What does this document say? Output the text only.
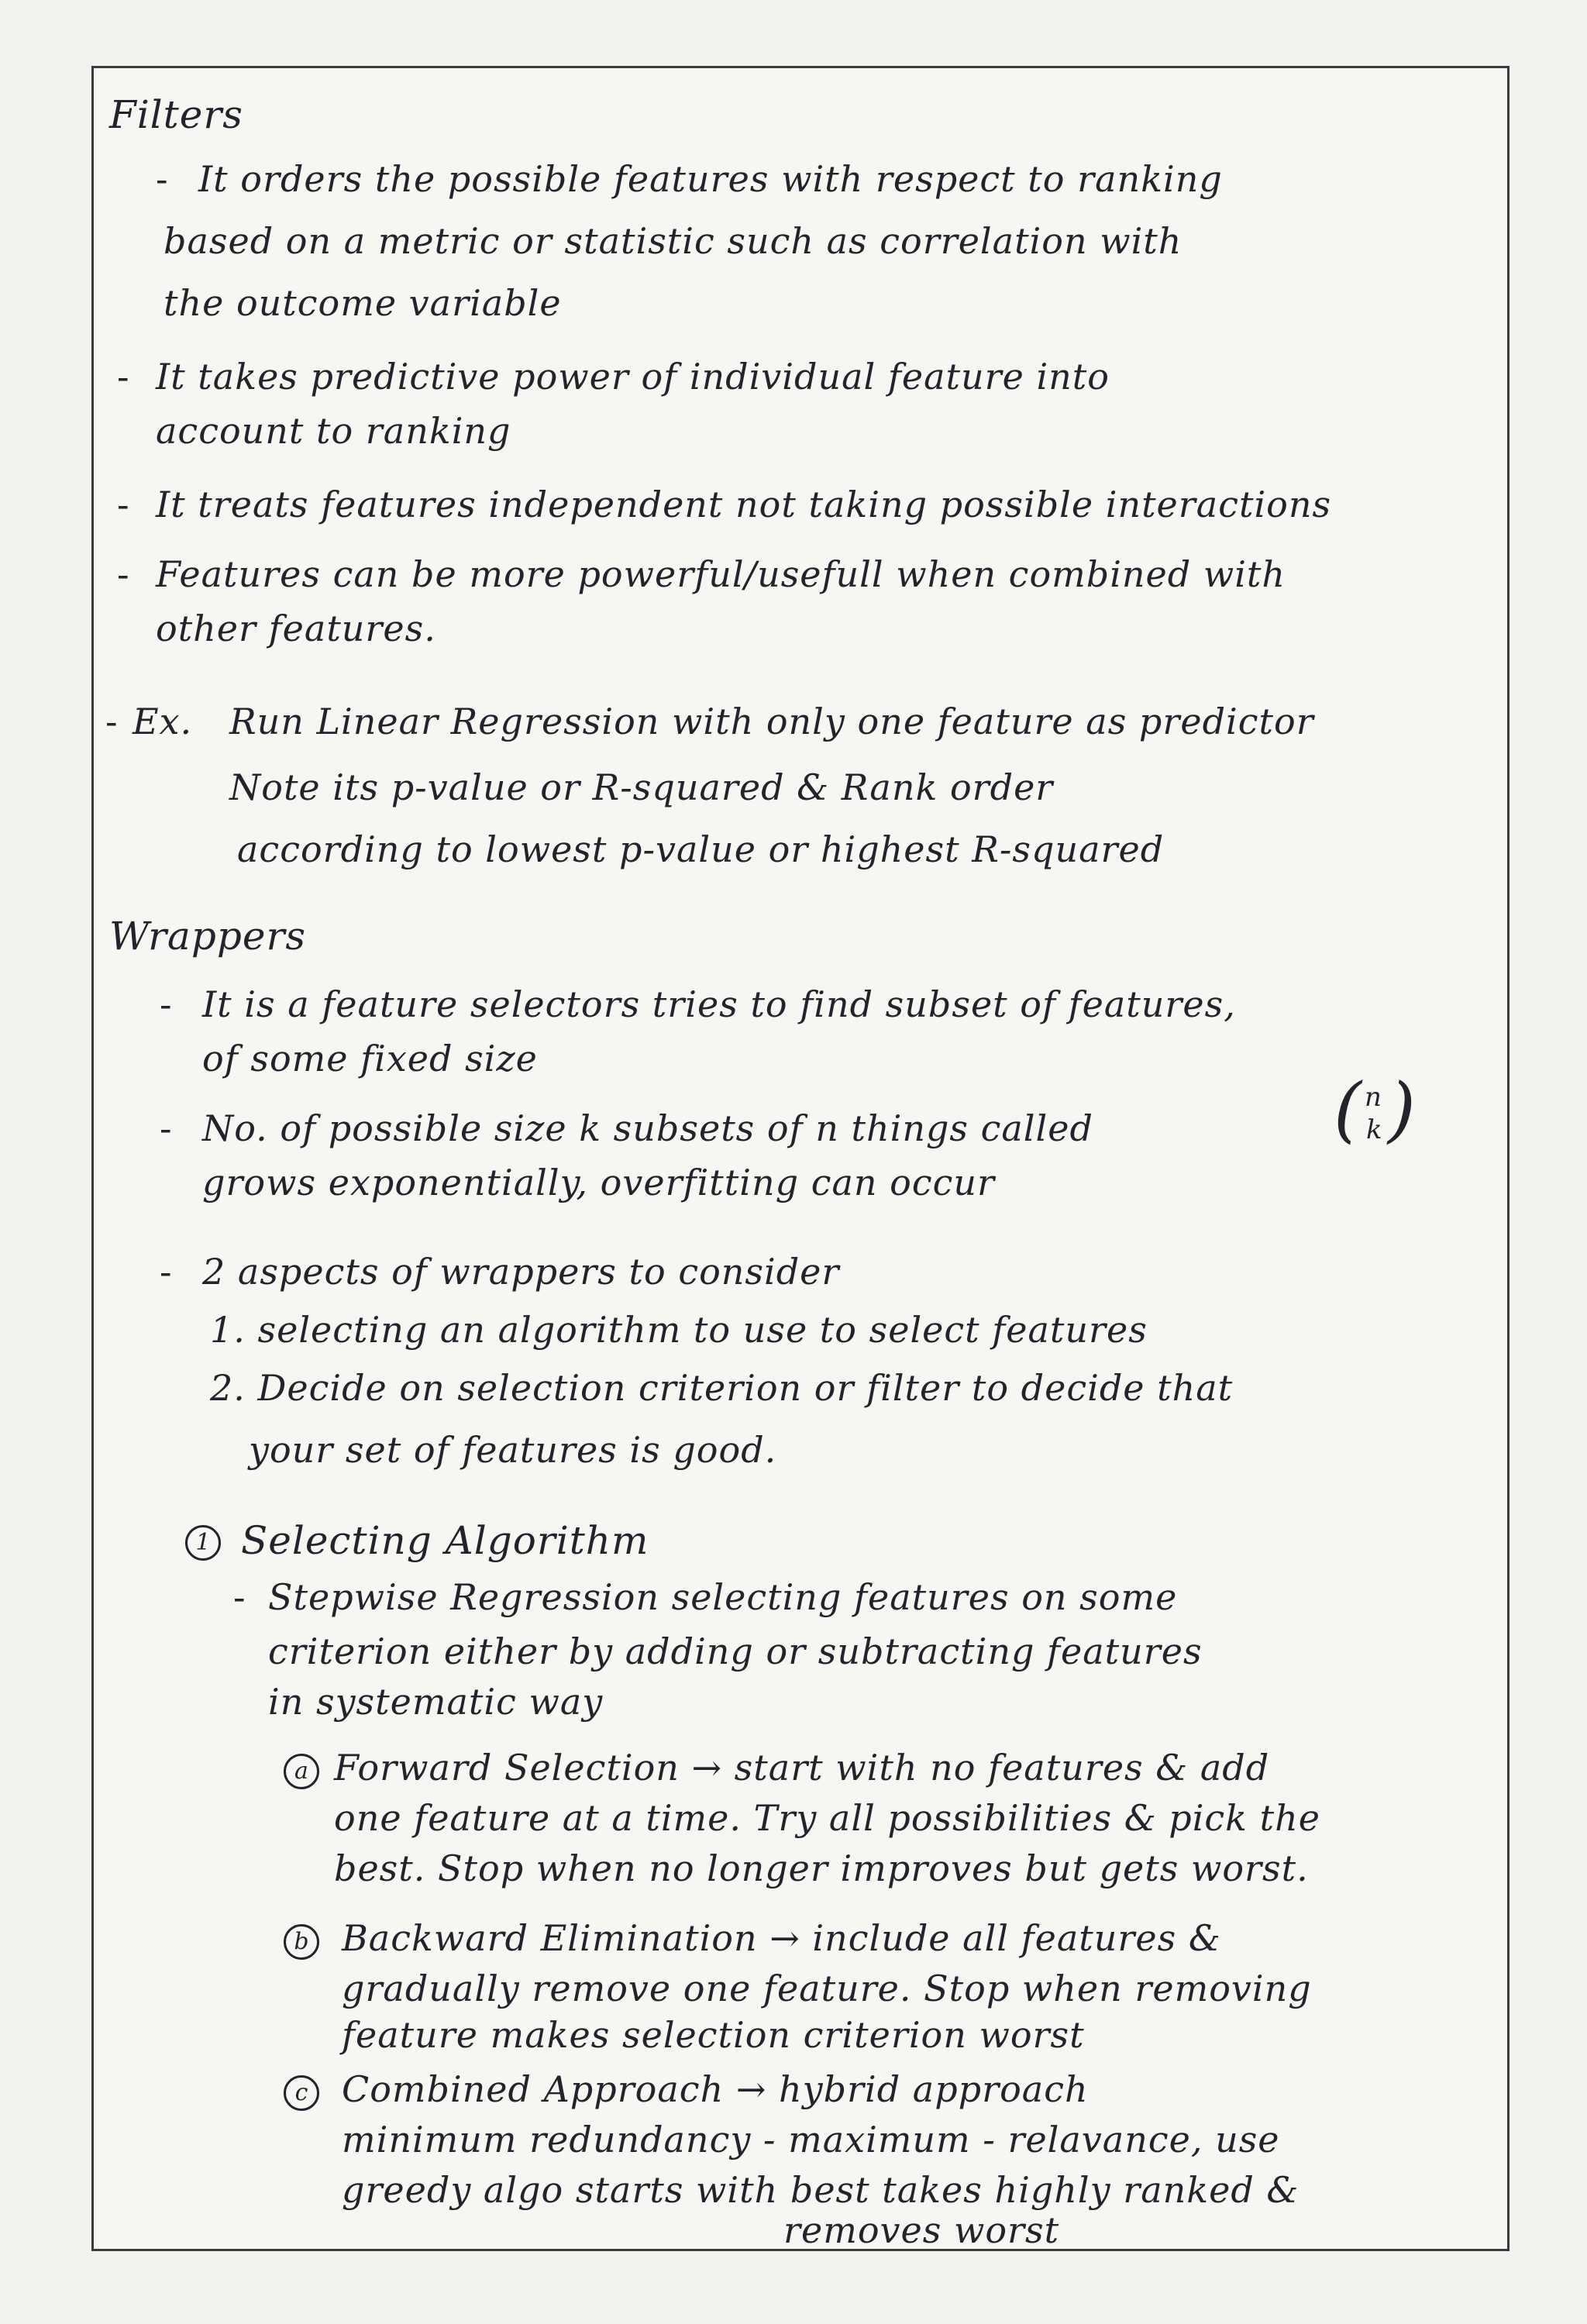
Filters
- It orders the possible features with respect to ranking
based on a metric or statistic such as correlation with
the outcome variable
- It takes predictive power of individual feature into
account to ranking
- It treats features independent not taking possible interactions
- Features can be more powerful/usefull when combined with
other features.
- Ex. Run Linear Regression with only one feature as predictor
Note its p-value or R-squared & Rank order
according to lowest p-value or highest R-squared
Wrappers
- It is a feature selectors tries to find subset of features,
of some fixed size
- No. of possible size k subsets of n things called	( n
k )
grows exponentially, overfitting can occur
- 2 aspects of wrappers to consider
1. selecting an algorithm to use to select features
2. Decide on selection criterion or filter to decide that
your set of features is good.
1 Selecting Algorithm
- Stepwise Regression selecting features on some
criterion either by adding or subtracting features
in systematic way
a Forward Selection → start with no features & add
one feature at a time. Try all possibilities & pick the
best. Stop when no longer improves but gets worst.
b Backward Elimination → include all features &
gradually remove one feature. Stop when removing
feature makes selection criterion worst
c Combined Approach → hybrid approach
minimum redundancy - maximum - relavance, use
greedy algo starts with best takes highly ranked &
removes worst
